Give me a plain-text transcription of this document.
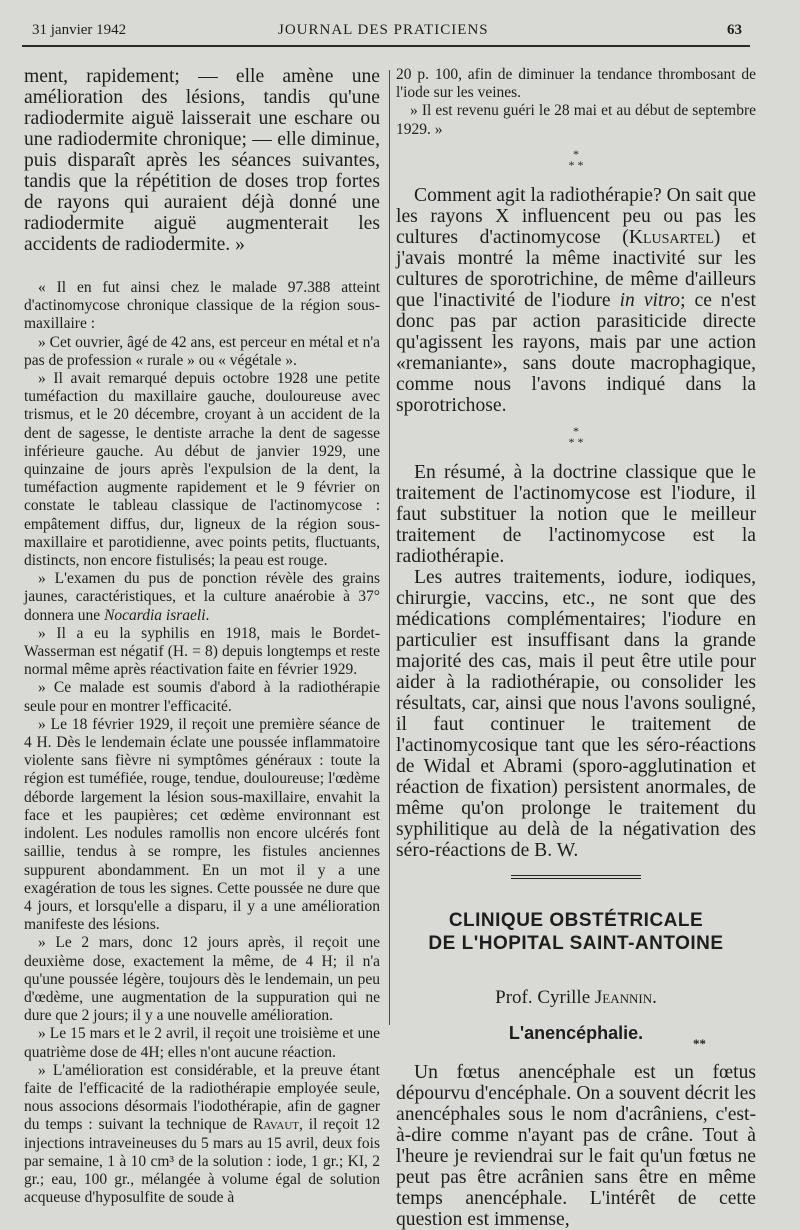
31 janvier 1942	JOURNAL DES PRATICIENS	63

ment, rapidement; — elle amène une amélioration des lésions, tandis qu'une radiodermite aiguë laisserait une eschare ou une radiodermite chronique; — elle diminue, puis disparaît après les séances suivantes, tandis que la répétition de doses trop fortes de rayons qui auraient déjà donné une radiodermite aiguë augmenterait les accidents de radiodermite. »

« Il en fut ainsi chez le malade 97.388 atteint d'actinomycose chronique classique de la région sous-maxillaire :

» Cet ouvrier, âgé de 42 ans, est perceur en métal et n'a pas de profession « rurale » ou « végétale ».

» Il avait remarqué depuis octobre 1928 une petite tuméfaction du maxillaire gauche, douloureuse avec trismus, et le 20 décembre, croyant à un accident de la dent de sagesse, le dentiste arrache la dent de sagesse inférieure gauche. Au début de janvier 1929, une quinzaine de jours après l'expulsion de la dent, la tuméfaction augmente rapidement et le 9 février on constate le tableau classique de l'actinomycose : empâtement diffus, dur, ligneux de la région sous-maxillaire et parotidienne, avec points petits, fluctuants, distincts, non encore fistulisés; la peau est rouge.

» L'examen du pus de ponction révèle des grains jaunes, caractéristiques, et la culture anaérobie à 37° donnera une Nocardia israeli.

» Il a eu la syphilis en 1918, mais le Bordet-Wasserman est négatif (H. = 8) depuis longtemps et reste normal même après réactivation faite en février 1929.

» Ce malade est soumis d'abord à la radiothérapie seule pour en montrer l'efficacité.

» Le 18 février 1929, il reçoit une première séance de 4 H. Dès le lendemain éclate une poussée inflammatoire violente sans fièvre ni symptômes généraux : toute la région est tuméfiée, rouge, tendue, douloureuse; l'œdème déborde largement la lésion sous-maxillaire, envahit la face et les paupières; cet œdème environnant est indolent. Les nodules ramollis non encore ulcérés font saillie, tendus à se rompre, les fistules anciennes suppurent abondamment. En un mot il y a une exagération de tous les signes. Cette poussée ne dure que 4 jours, et lorsqu'elle a disparu, il y a une amélioration manifeste des lésions.

» Le 2 mars, donc 12 jours après, il reçoit une deuxième dose, exactement la même, de 4 H; il n'a qu'une poussée légère, toujours dès le lendemain, un peu d'œdème, une augmentation de la suppuration qui ne dure que 2 jours; il y a une nouvelle amélioration.

» Le 15 mars et le 2 avril, il reçoit une troisième et une quatrième dose de 4H; elles n'ont aucune réaction.

» L'amélioration est considérable, et la preuve étant faite de l'efficacité de la radiothérapie employée seule, nous associons désormais l'iodothérapie, afin de gagner du temps : suivant la technique de Ravaut, il reçoit 12 injections intraveineuses du 5 mars au 15 avril, deux fois par semaine, 1 à 10 cm³ de la solution : iode, 1 gr.; KI, 2 gr.; eau, 100 gr., mélangée à volume égal de solution acqueuse d'hyposulfite de soude à

20 p. 100, afin de diminuer la tendance thrombosant de l'iode sur les veines.

» Il est revenu guéri le 28 mai et au début de septembre 1929. »

*
* *

Comment agit la radiothérapie? On sait que les rayons X influencent peu ou pas les cultures d'actinomycose (Klusartel) et j'avais montré la même inactivité sur les cultures de sporotrichine, de même d'ailleurs que l'inactivité de l'iodure in vitro; ce n'est donc pas par action parasiticide directe qu'agissent les rayons, mais par une action «remaniante», sans doute macrophagique, comme nous l'avons indiqué dans la sporotrichose.

*
* *

En résumé, à la doctrine classique que le traitement de l'actinomycose est l'iodure, il faut substituer la notion que le meilleur traitement de l'actinomycose est la radiothérapie.

Les autres traitements, iodure, iodiques, chirurgie, vaccins, etc., ne sont que des médications complémentaires; l'iodure en particulier est insuffisant dans la grande majorité des cas, mais il peut être utile pour aider à la radiothérapie, ou consolider les résultats, car, ainsi que nous l'avons souligné, il faut continuer le traitement de l'actinomycosique tant que les séro-réactions de Widal et Abrami (sporo-agglutination et réaction de fixation) persistent anormales, de même qu'on prolonge le traitement du syphilitique au delà de la négativation des séro-réactions de B. W.

CLINIQUE OBSTÉTRICALE
DE L'HOPITAL SAINT-ANTOINE
Prof. Cyrille Jeannin.
L'anencéphalie.

Un fœtus anencéphale est un fœtus dépourvu d'encéphale. On a souvent décrit les anencéphales sous le nom d'acrâniens, c'est-à-dire comme n'ayant pas de crâne. Tout à l'heure je reviendrai sur le fait qu'un fœtus ne peut pas être acrânien sans être en même temps anencéphale. L'intérêt de cette question est immense,

**
